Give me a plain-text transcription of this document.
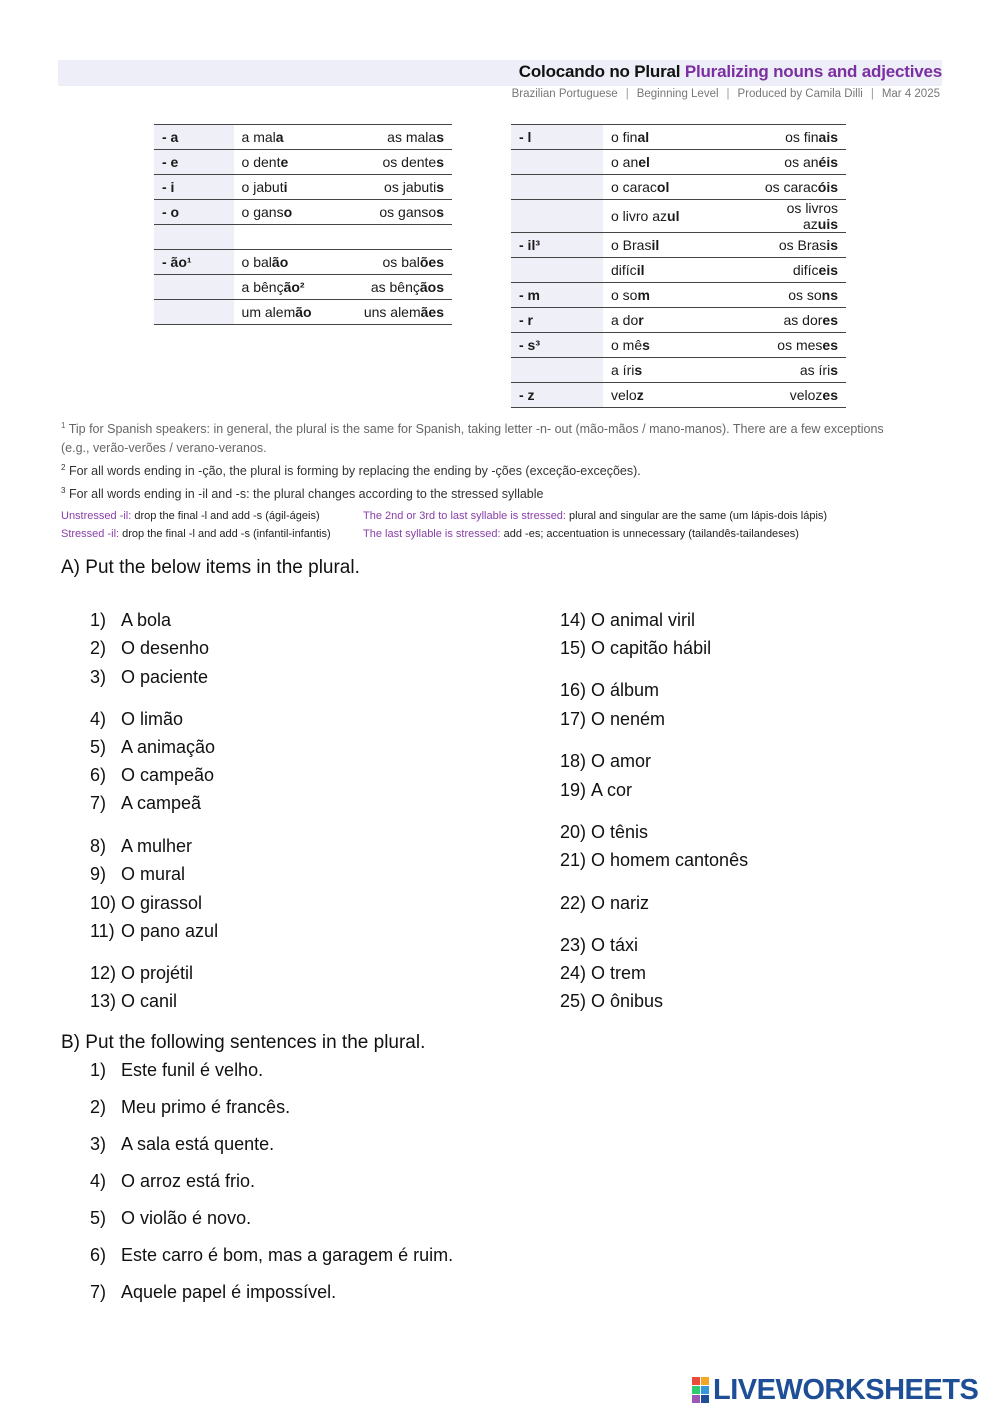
Colocando no Plural Pluralizing nouns and adjectives
Brazilian Portuguese | Beginning Level | Produced by Camila Dilli | Mar 4 2025
- a	a mala	as malas
- e	o dente	os dentes
- i	o jabuti	os jabutis
- o	o ganso	os gansos

- ão¹	o balão	os balões
	a bênção²	as bênçãos
	um alemão	uns alemães
- l	o final	os finais
	o anel	os anéis
	o caracol	os caracóis
	o livro azul	os livros azuis
- il³	o Brasil	os Brasis
	difícil	difíceis
- m	o som	os sons
- r	a dor	as dores
- s³	o mês	os meses
	a íris	as íris
- z	veloz	velozes
$^1$ Tip for Spanish speakers: in general, the plural is the same for Spanish, taking letter -n- out (mão-mãos / mano-manos). There are a few exceptions (e.g., verão-verões / verano-veranos.
$^2$ For all words ending in -ção, the plural is forming by replacing the ending by -ções (exceção-exceções).
$^3$ For all words ending in -il and -s: the plural changes according to the stressed syllable
Unstressed -il: drop the final -l and add -s (ágil-ágeis)
Stressed -il: drop the final -l and add -s (infantil-infantis)
The 2nd or 3rd to last syllable is stressed: plural and singular are the same (um lápis-dois lápis)
The last syllable is stressed: add -es; accentuation is unnecessary (tailandês-tailandeses)
A) Put the below items in the plural.
1) A bola
2) O desenho
3) O paciente
4) O limão
5) A animação
6) O campeão
7) A campeã
8) A mulher
9) O mural
10) O girassol
11) O pano azul
12) O projétil
13) O canil
14) O animal viril
15) O capitão hábil
16) O álbum
17) O neném
18) O amor
19) A cor
20) O tênis
21) O homem cantonês
22) O nariz
23) O táxi
24) O trem
25) O ônibus
B) Put the following sentences in the plural.
1) Este funil é velho.
2) Meu primo é francês.
3) A sala está quente.
4) O arroz está frio.
5) O violão é novo.
6) Este carro é bom, mas a garagem é ruim.
7) Aquele papel é impossível.
LIVEWORKSHEETS
